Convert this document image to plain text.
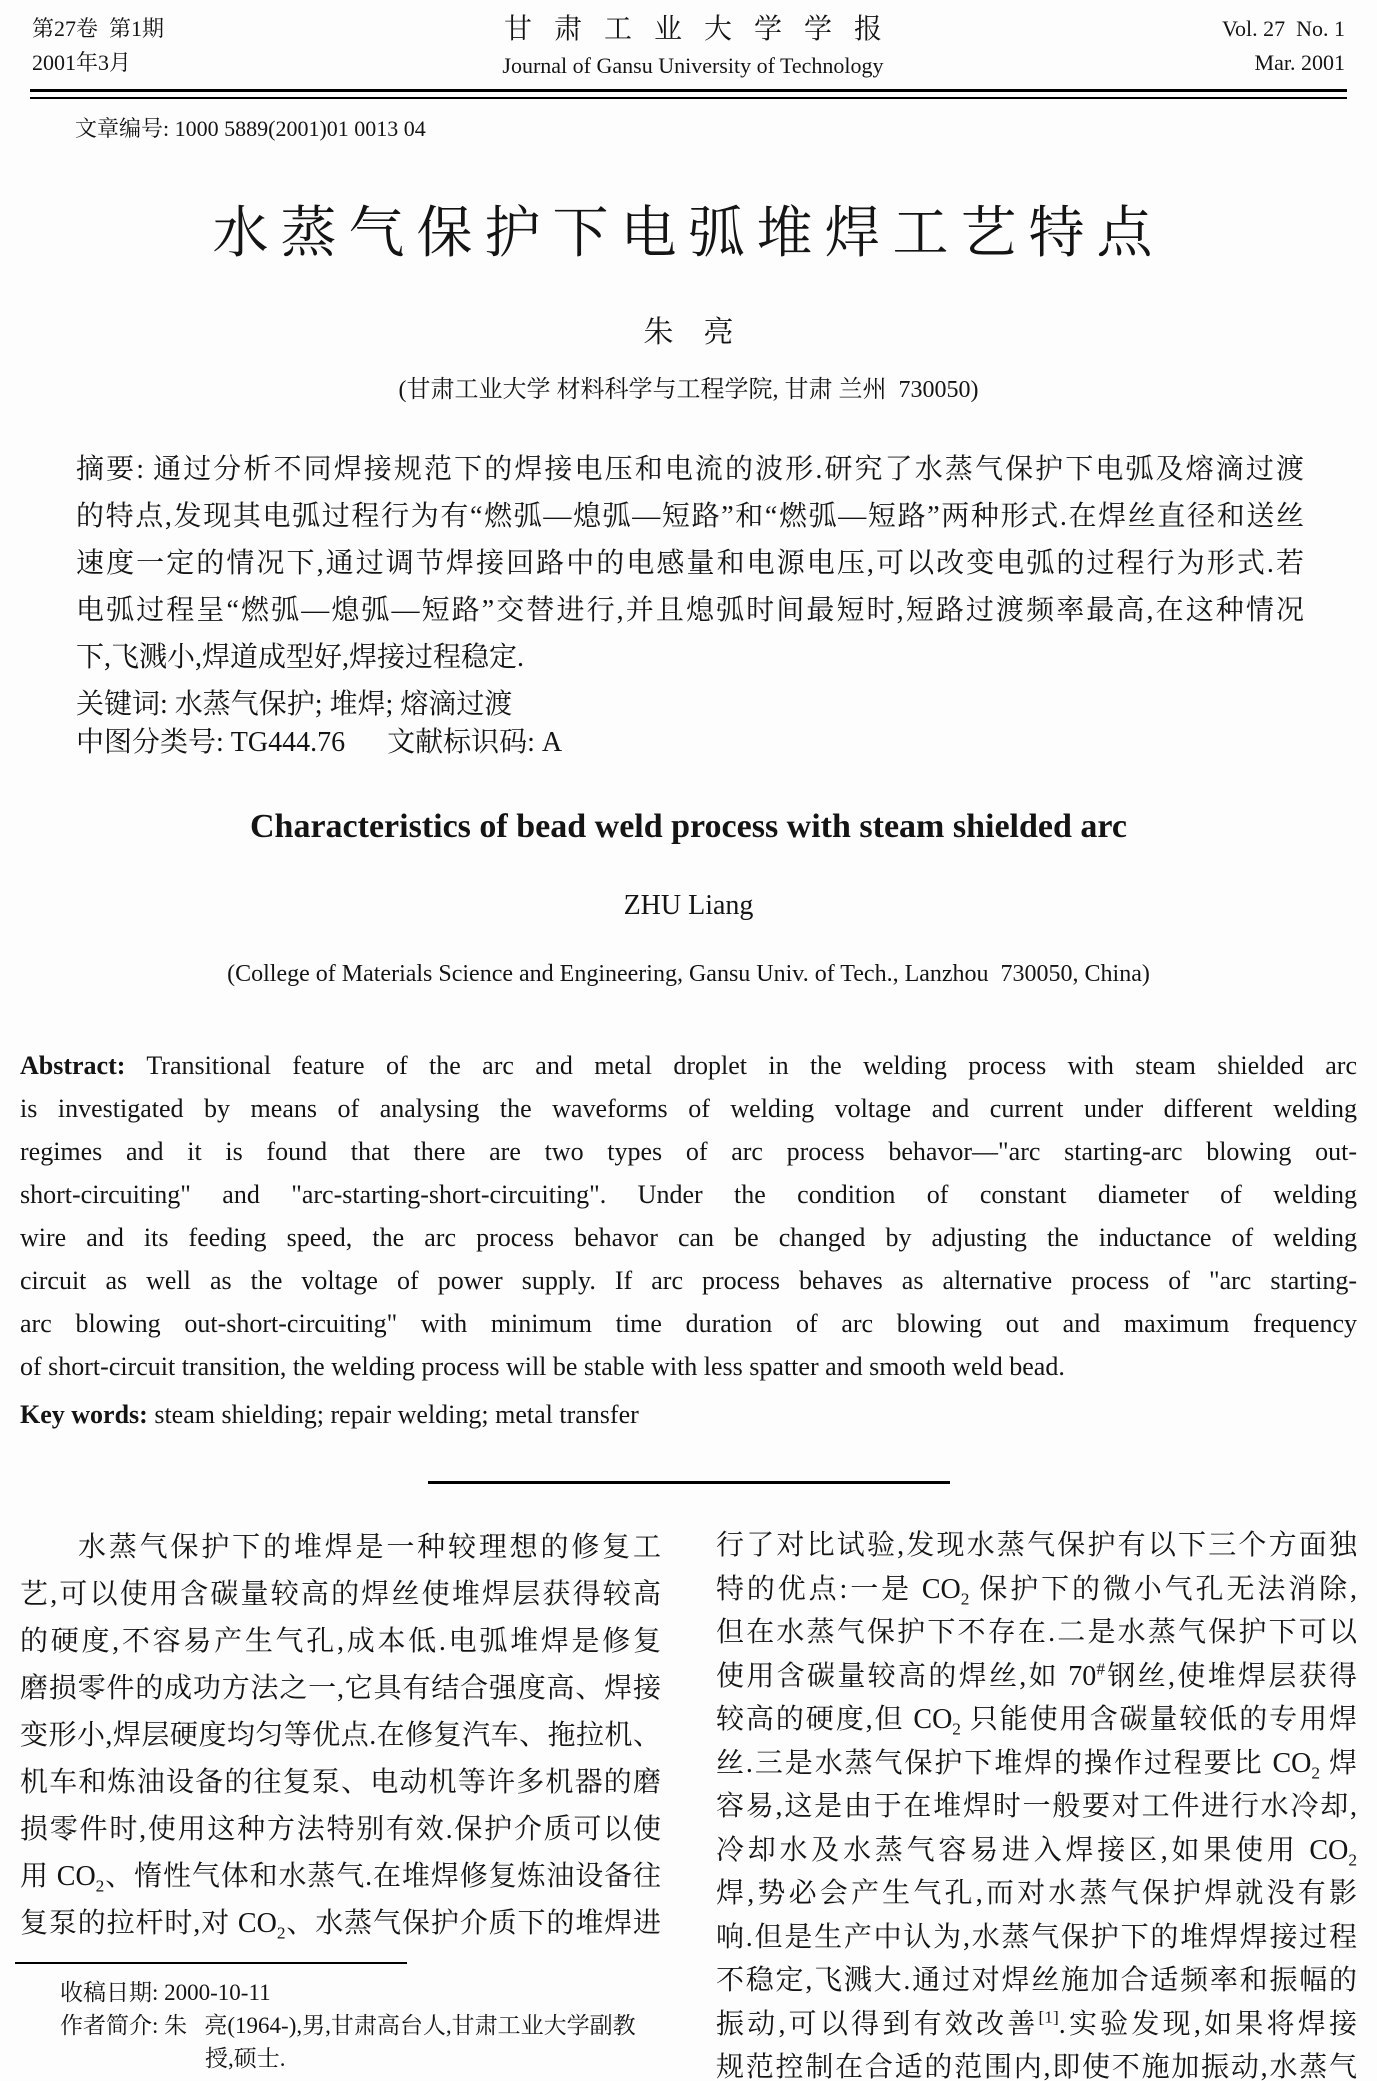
第27卷  第1期
2001年3月
甘肃工业大学学报
Journal of Gansu University of Technology
Vol. 27  No. 1
Mar. 2001
文章编号: 1000 5889(2001)01 0013 04
水蒸气保护下电弧堆焊工艺特点
朱    亮
(甘肃工业大学 材料科学与工程学院, 甘肃 兰州  730050)
摘要: 通过分析不同焊接规范下的焊接电压和电流的波形.研究了水蒸气保护下电弧及熔滴过渡
的特点,发现其电弧过程行为有“燃弧—熄弧—短路”和“燃弧—短路”两种形式.在焊丝直径和送丝
速度一定的情况下,通过调节焊接回路中的电感量和电源电压,可以改变电弧的过程行为形式.若
电弧过程呈“燃弧—熄弧—短路”交替进行,并且熄弧时间最短时,短路过渡频率最高,在这种情况
下,飞溅小,焊道成型好,焊接过程稳定.
关键词: 水蒸气保护; 堆焊; 熔滴过渡
中图分类号: TG444.76      文献标识码: A
Characteristics of bead weld process with steam shielded arc
ZHU Liang
(College of Materials Science and Engineering, Gansu Univ. of Tech., Lanzhou  730050, China)
Abstract: Transitional feature of the arc and metal droplet in the welding process with steam shielded arc
is investigated by means of analysing the waveforms of welding voltage and current under different welding
regimes and it is found that there are two types of arc process behavor—"arc starting-arc blowing out-
short-circuiting" and "arc-starting-short-circuiting". Under the condition of constant diameter of welding
wire and its feeding speed, the arc process behavor can be changed by adjusting the inductance of welding
circuit as well as the voltage of power supply. If arc process behaves as alternative process of "arc starting-
arc blowing out-short-circuiting" with minimum time duration of arc blowing out and maximum frequency
of short-circuit transition, the welding process will be stable with less spatter and smooth weld bead.
Key words: steam shielding; repair welding; metal transfer
水蒸气保护下的堆焊是一种较理想的修复工
艺,可以使用含碳量较高的焊丝使堆焊层获得较高
的硬度,不容易产生气孔,成本低.电弧堆焊是修复
磨损零件的成功方法之一,它具有结合强度高、焊接
变形小,焊层硬度均匀等优点.在修复汽车、拖拉机、
机车和炼油设备的往复泵、电动机等许多机器的磨
损零件时,使用这种方法特别有效.保护介质可以使
用 $CO_2$、惰性气体和水蒸气.在堆焊修复炼油设备往
复泵的拉杆时,对 $CO_2$、水蒸气保护介质下的堆焊进
行了对比试验,发现水蒸气保护有以下三个方面独
特的优点:一是 $CO_2$ 保护下的微小气孔无法消除,
但在水蒸气保护下不存在.二是水蒸气保护下可以
使用含碳量较高的焊丝,如 70#钢丝,使堆焊层获得
较高的硬度,但 $CO_2$ 只能使用含碳量较低的专用焊
丝.三是水蒸气保护下堆焊的操作过程要比 $CO_2$ 焊
容易,这是由于在堆焊时一般要对工件进行水冷却,
冷却水及水蒸气容易进入焊接区,如果使用 $CO_2$
焊,势必会产生气孔,而对水蒸气保护焊就没有影
响.但是生产中认为,水蒸气保护下的堆焊焊接过程
不稳定,飞溅大.通过对焊丝施加合适频率和振幅的
振动,可以得到有效改善[1].实验发现,如果将焊接
规范控制在合适的范围内,即使不施加振动,水蒸气
收稿日期: 2000-10-11
作者简介: 朱   亮(1964-),男,甘肃高台人,甘肃工业大学副教
授,硕士.
